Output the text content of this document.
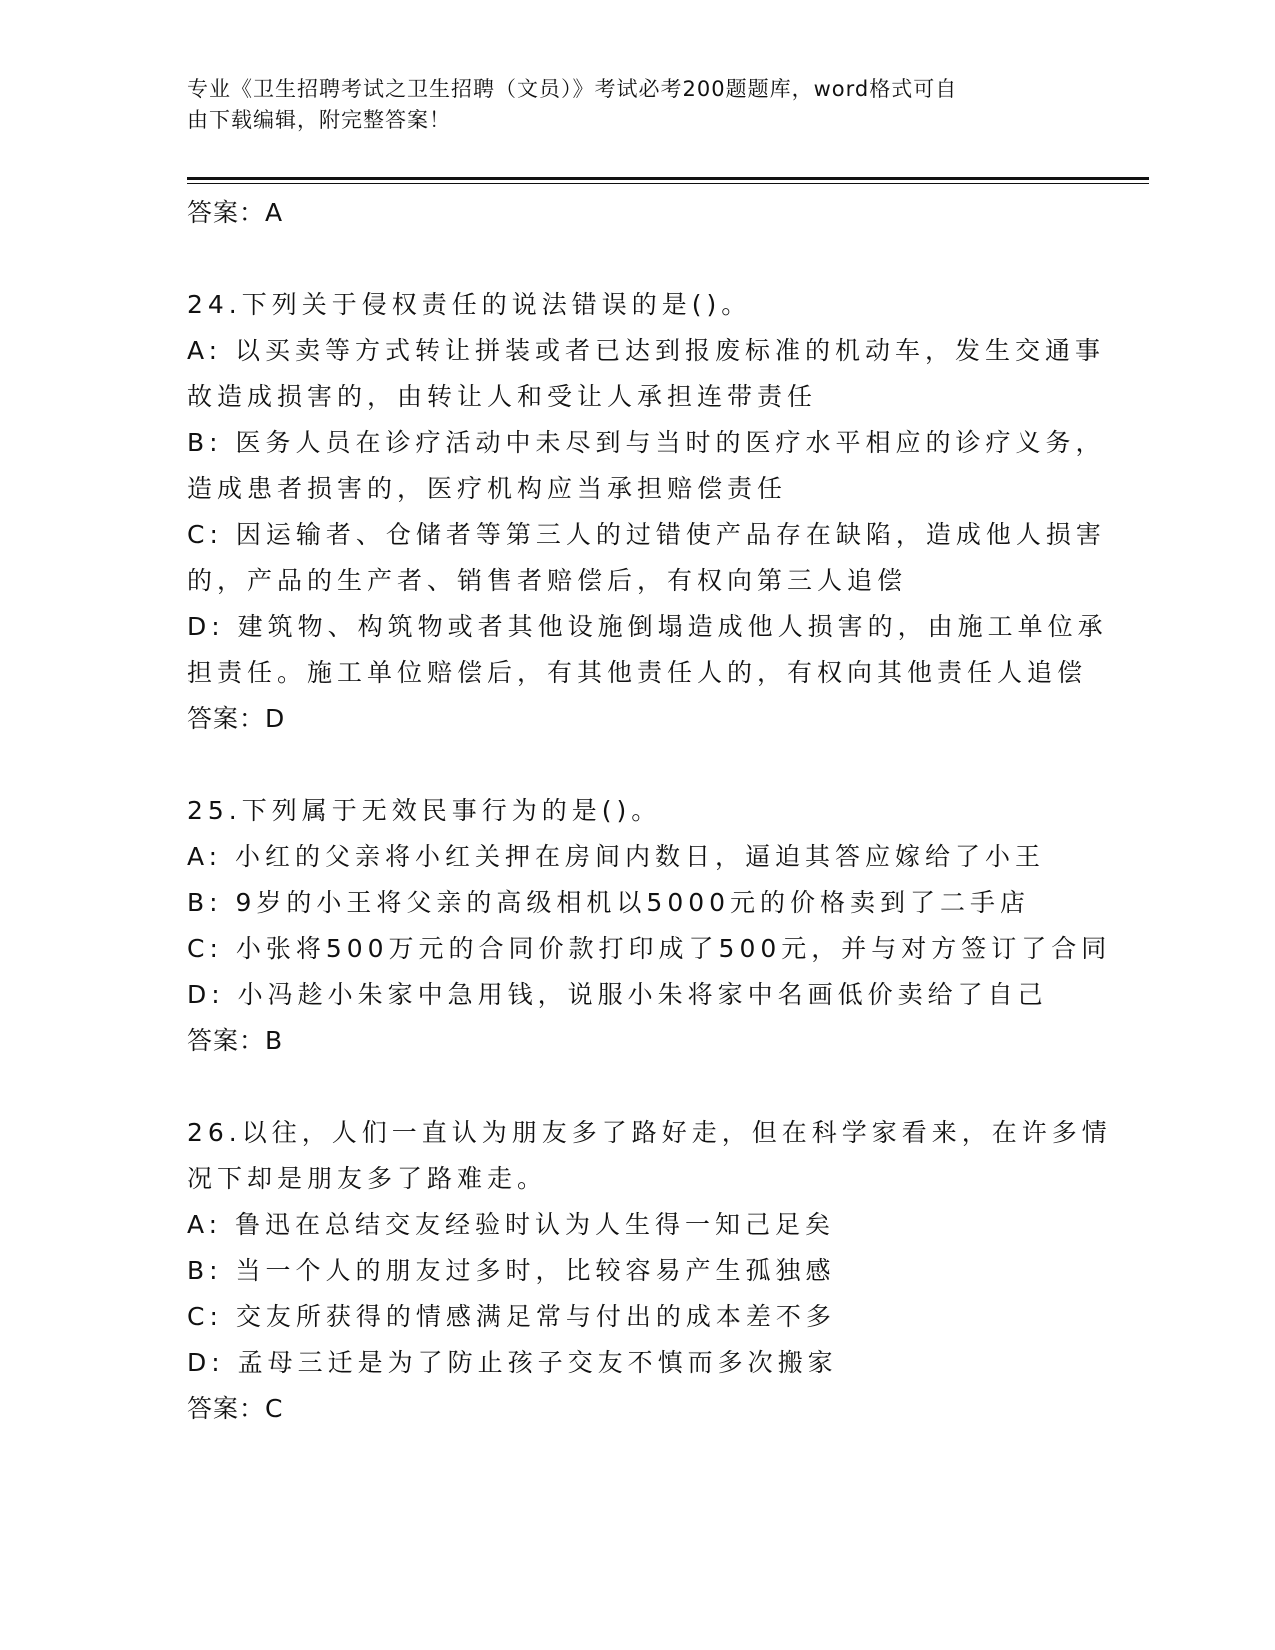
专业《卫生招聘考试之卫生招聘（文员）》考试必考200题题库，word格式可自
由下载编辑，附完整答案！
答案：A
24.下列关于侵权责任的说法错误的是()。
A: 以买卖等方式转让拼装或者已达到报废标准的机动车，发生交通事
故造成损害的，由转让人和受让人承担连带责任
B: 医务人员在诊疗活动中未尽到与当时的医疗水平相应的诊疗义务，
造成患者损害的，医疗机构应当承担赔偿责任
C: 因运输者、仓储者等第三人的过错使产品存在缺陷，造成他人损害
的，产品的生产者、销售者赔偿后，有权向第三人追偿
D: 建筑物、构筑物或者其他设施倒塌造成他人损害的，由施工单位承
担责任。施工单位赔偿后，有其他责任人的，有权向其他责任人追偿
答案：D
25.下列属于无效民事行为的是()。
A: 小红的父亲将小红关押在房间内数日，逼迫其答应嫁给了小王
B: 9岁的小王将父亲的高级相机以5000元的价格卖到了二手店
C: 小张将500万元的合同价款打印成了500元，并与对方签订了合同
D: 小冯趁小朱家中急用钱，说服小朱将家中名画低价卖给了自己
答案：B
26.以往，人们一直认为朋友多了路好走，但在科学家看来，在许多情
况下却是朋友多了路难走。
A: 鲁迅在总结交友经验时认为人生得一知己足矣
B: 当一个人的朋友过多时，比较容易产生孤独感
C: 交友所获得的情感满足常与付出的成本差不多
D: 孟母三迁是为了防止孩子交友不慎而多次搬家
答案：C
